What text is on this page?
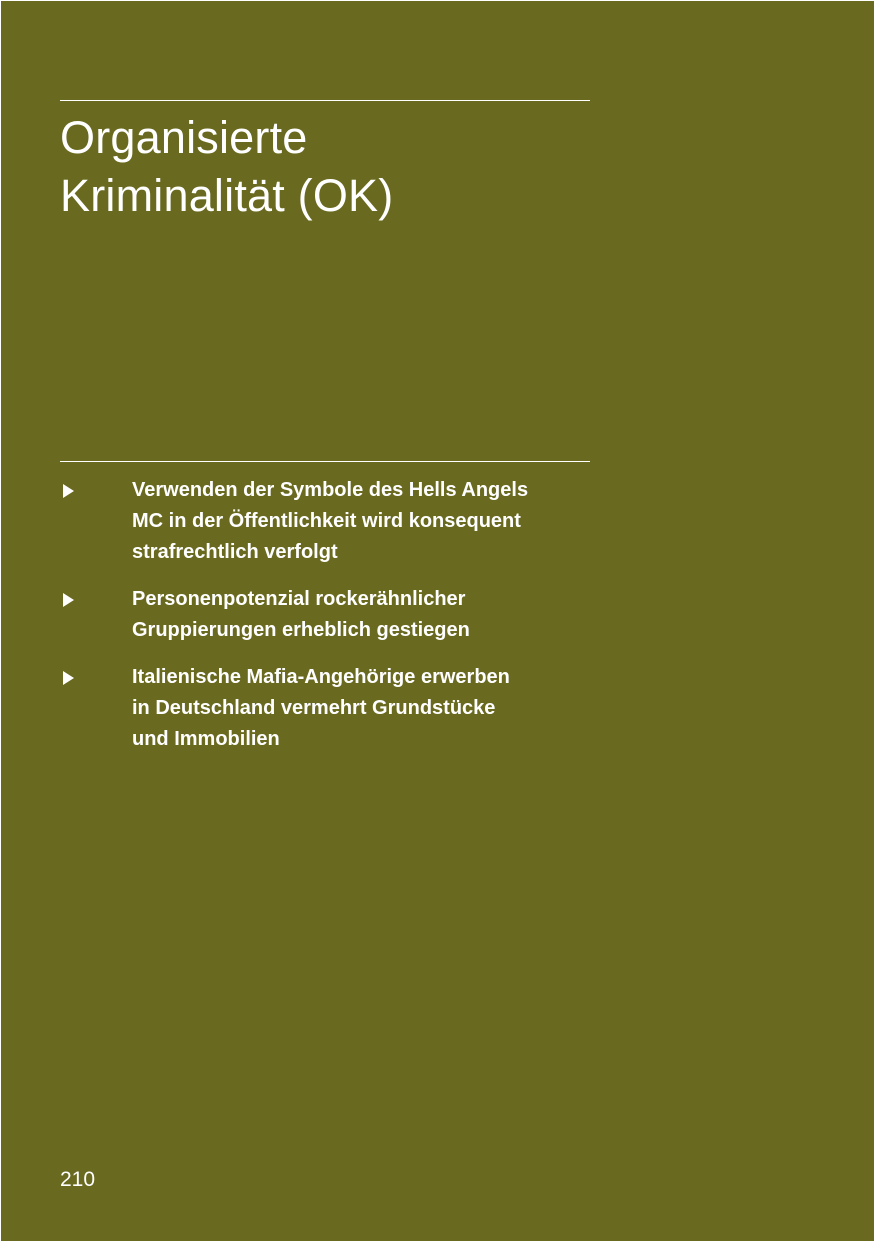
Organisierte
Kriminalität (OK)
Verwenden der Symbole des Hells Angels
MC in der Öffentlichkeit wird konsequent
strafrechtlich verfolgt
Personenpotenzial rockerähnlicher
Gruppierungen erheblich gestiegen
Italienische Mafia-Angehörige erwerben
in Deutschland vermehrt Grundstücke
und Immobilien
210
